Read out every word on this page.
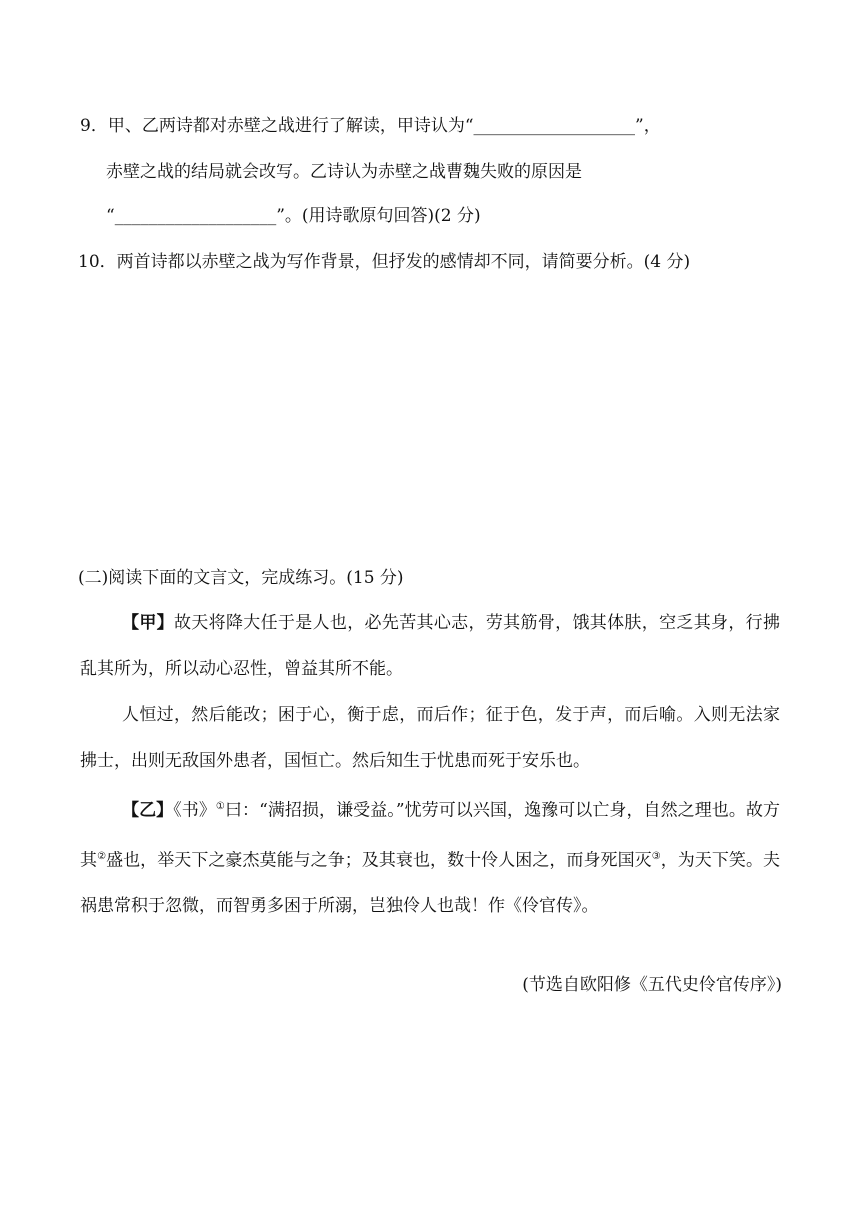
9．甲、乙两诗都对赤壁之战进行了解读，甲诗认为“___________________”，
赤壁之战的结局就会改写。乙诗认为赤壁之战曹魏失败的原因是
“___________________”。(用诗歌原句回答)(2 分)
10．两首诗都以赤壁之战为写作背景，但抒发的感情却不同，请简要分析。(4 分)
(二)阅读下面的文言文，完成练习。(15 分)
【甲】故天将降大任于是人也，必先苦其心志，劳其筋骨，饿其体肤，空乏其身，行拂乱其所为，所以动心忍性，曾益其所不能。
人恒过，然后能改；困于心，衡于虑，而后作；征于色，发于声，而后喻。入则无法家拂士，出则无敌国外患者，国恒亡。然后知生于忧患而死于安乐也。
【乙】《书》①曰：“满招损，谦受益。”忧劳可以兴国，逸豫可以亡身，自然之理也。故方其②盛也，举天下之豪杰莫能与之争；及其衰也，数十伶人困之，而身死国灭③，为天下笑。夫祸患常积于忽微，而智勇多困于所溺，岂独伶人也哉！作《伶官传》。
(节选自欧阳修《五代史伶官传序》)
